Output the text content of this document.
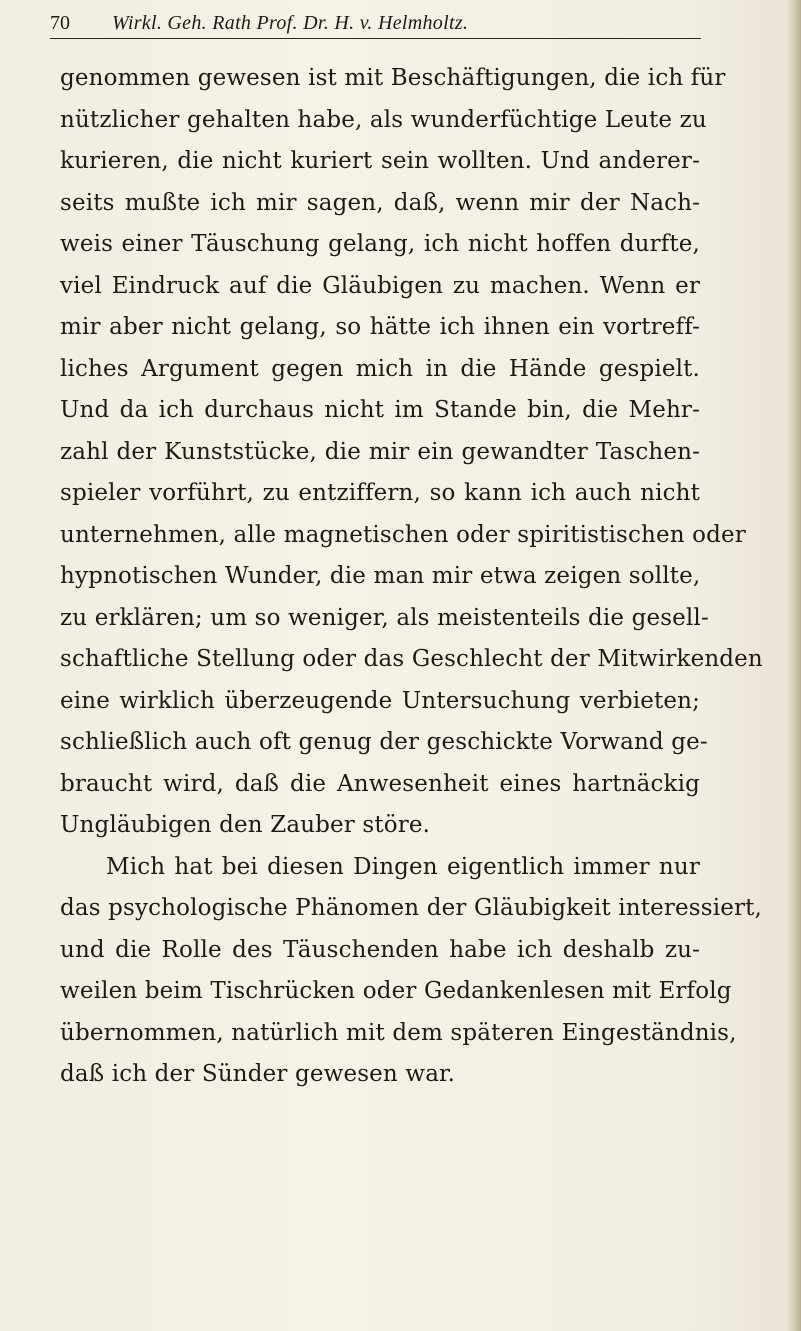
70 Wirkl. Geh. Rath Prof. Dr. H. v. Helmholtz.
genommen gewesen ist mit Beschäftigungen, die ich für
nützlicher gehalten habe, als wunderfüchtige Leute zu
kurieren, die nicht kuriert sein wollten. Und anderer-
seits mußte ich mir sagen, daß, wenn mir der Nach-
weis einer Täuschung gelang, ich nicht hoffen durfte,
viel Eindruck auf die Gläubigen zu machen. Wenn er
mir aber nicht gelang, so hätte ich ihnen ein vortreff-
liches Argument gegen mich in die Hände gespielt.
Und da ich durchaus nicht im Stande bin, die Mehr-
zahl der Kunststücke, die mir ein gewandter Taschen-
spieler vorführt, zu entziffern, so kann ich auch nicht
unternehmen, alle magnetischen oder spiritistischen oder
hypnotischen Wunder, die man mir etwa zeigen sollte,
zu erklären; um so weniger, als meistenteils die gesell-
schaftliche Stellung oder das Geschlecht der Mitwirkenden
eine wirklich überzeugende Untersuchung verbieten;
schließlich auch oft genug der geschickte Vorwand ge-
braucht wird, daß die Anwesenheit eines hartnäckig
Ungläubigen den Zauber störe.
Mich hat bei diesen Dingen eigentlich immer nur
das psychologische Phänomen der Gläubigkeit interessiert,
und die Rolle des Täuschenden habe ich deshalb zu-
weilen beim Tischrücken oder Gedankenlesen mit Erfolg
übernommen, natürlich mit dem späteren Eingeständnis,
daß ich der Sünder gewesen war.
